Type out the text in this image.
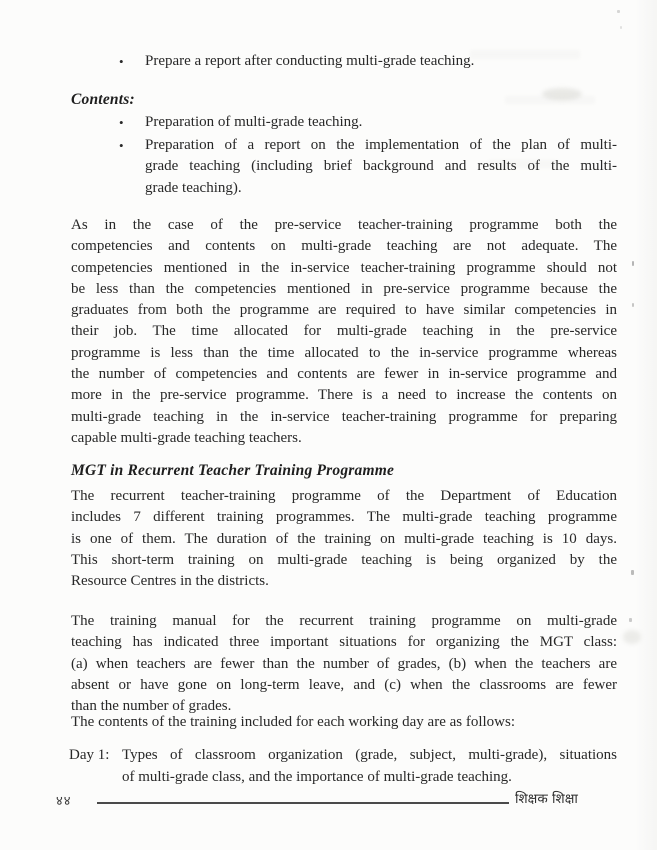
•	Prepare a report after conducting multi-grade teaching.
Contents:
•	Preparation of multi-grade teaching.
•	Preparation of a report on the implementation of the plan of multi-
grade teaching (including brief background and results of the multi-
grade teaching).
As in the case of the pre-service teacher-training programme both the
competencies and contents on multi-grade teaching are not adequate. The
competencies mentioned in the in-service teacher-training programme should not
be less than the competencies mentioned in pre-service programme because the
graduates from both the programme are required to have similar competencies in
their job. The time allocated for multi-grade teaching in the pre-service
programme is less than the time allocated to the in-service programme whereas
the number of competencies and contents are fewer in in-service programme and
more in the pre-service programme. There is a need to increase the contents on
multi-grade teaching in the in-service teacher-training programme for preparing
capable multi-grade teaching teachers.
MGT in Recurrent Teacher Training Programme
The recurrent teacher-training programme of the Department of Education
includes 7 different training programmes. The multi-grade teaching programme
is one of them. The duration of the training on multi-grade teaching is 10 days.
This short-term training on multi-grade teaching is being organized by the
Resource Centres in the districts.
The training manual for the recurrent training programme on multi-grade
teaching has indicated three important situations for organizing the MGT class:
(a) when teachers are fewer than the number of grades, (b) when the teachers are
absent or have gone on long-term leave, and (c) when the classrooms are fewer
than the number of grades.
The contents of the training included for each working day are as follows:
Day 1: Types of classroom organization (grade, subject, multi-grade), situations
of multi-grade class, and the importance of multi-grade teaching.
४४	शिक्षक शिक्षा
